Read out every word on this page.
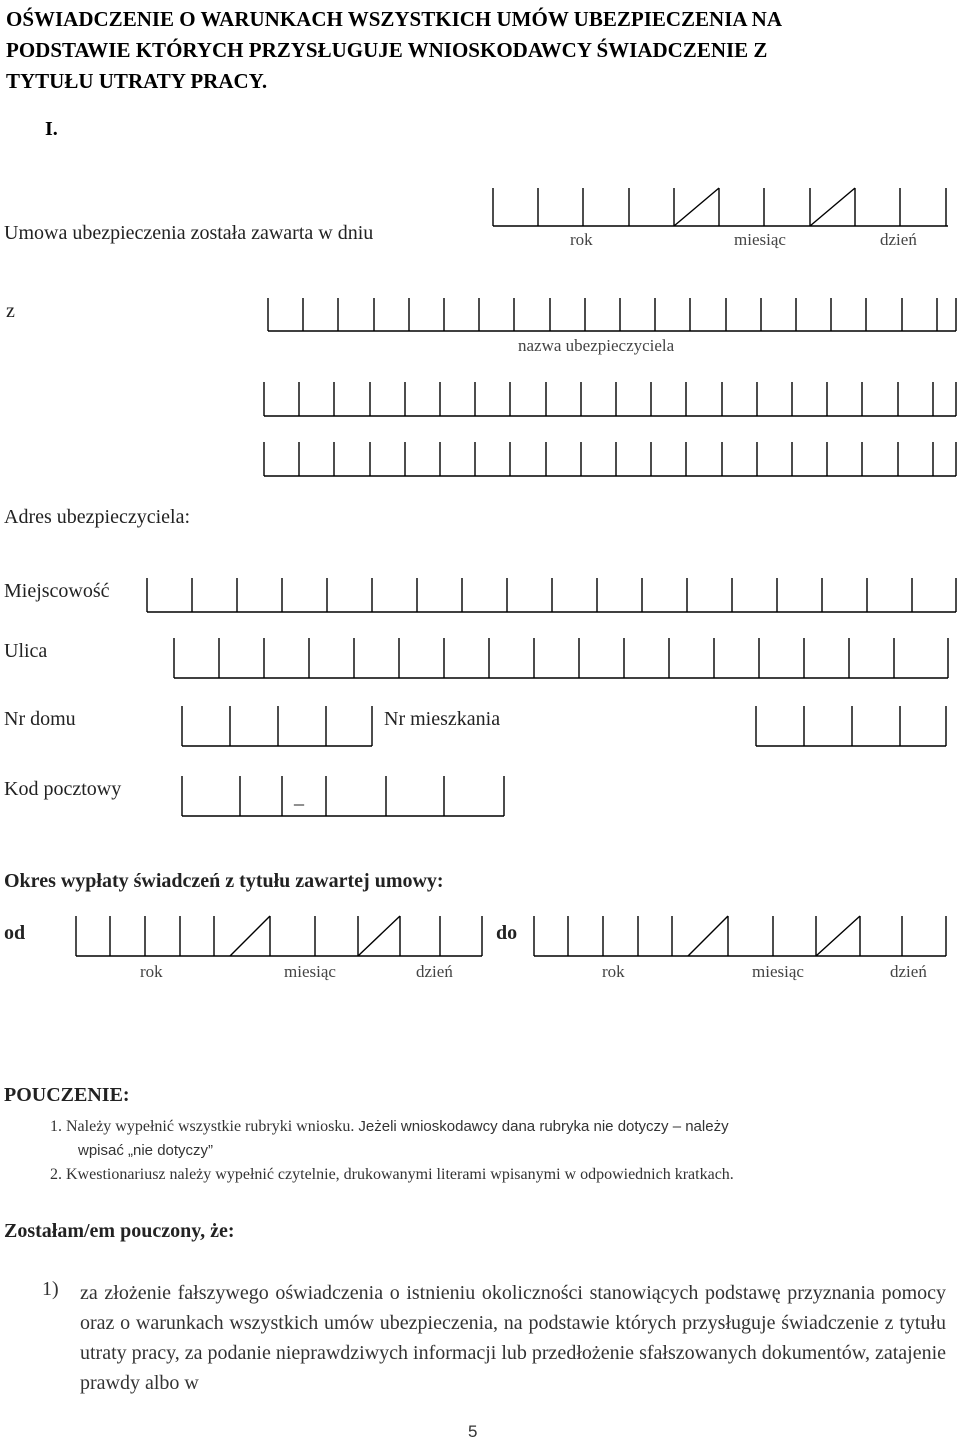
OŚWIADCZENIE O WARUNKACH WSZYSTKICH UMÓW UBEZPIECZENIA NA
PODSTAWIE KTÓRYCH PRZYSŁUGUJE WNIOSKODAWCY ŚWIADCZENIE Z
TYTUŁU UTRATY PRACY.
I.
Umowa ubezpieczenia została zawarta w dniu	rok	miesiąc	dzień
z
nazwa ubezpieczyciela
Adres ubezpieczyciela:
Miejscowość
Ulica
Nr domu	Nr mieszkania
Kod pocztowy	_
Okres wypłaty świadczeń z tytułu zawartej umowy:
od	do
rok	miesiąc	dzień	rok	miesiąc	dzień
POUCZENIE:
1. Należy wypełnić wszystkie rubryki wniosku. Jeżeli wnioskodawcy dana rubryka nie dotyczy – należy
wpisać „nie dotyczy”
2. Kwestionariusz należy wypełnić czytelnie, drukowanymi literami wpisanymi w odpowiednich kratkach.
Zostałam/em pouczony, że:
1) za złożenie fałszywego oświadczenia o istnieniu okoliczności stanowiących podstawę przyznania pomocy oraz o warunkach wszystkich umów ubezpieczenia, na podstawie których przysługuje świadczenie z tytułu utraty pracy, za podanie nieprawdziwych informacji lub przedłożenie sfałszowanych dokumentów, zatajenie prawdy albo w
5
